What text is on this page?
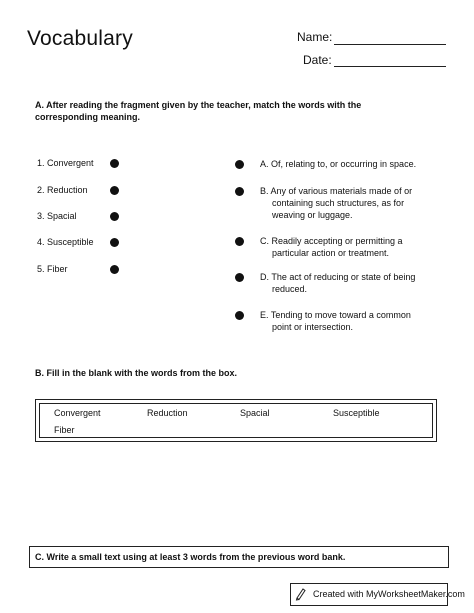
Vocabulary	Name:
Date:
A. After reading the fragment given by the teacher, match the words with the corresponding meaning.
1. Convergent
2. Reduction
3. Spacial
4. Susceptible
5. Fiber
A. Of, relating to, or occurring in space.
B. Any of various materials made of or
containing such structures, as for
weaving or luggage.
C. Readily accepting or permitting a
particular action or treatment.
D. The act of reducing or state of being
reduced.
E. Tending to move toward a common
point or intersection.
B. Fill in the blank with the words from the box.
Convergent	Reduction	Spacial	Susceptible
Fiber
C. Write a small text using at least 3 words from the previous word bank.
Created with MyWorksheetMaker.com
